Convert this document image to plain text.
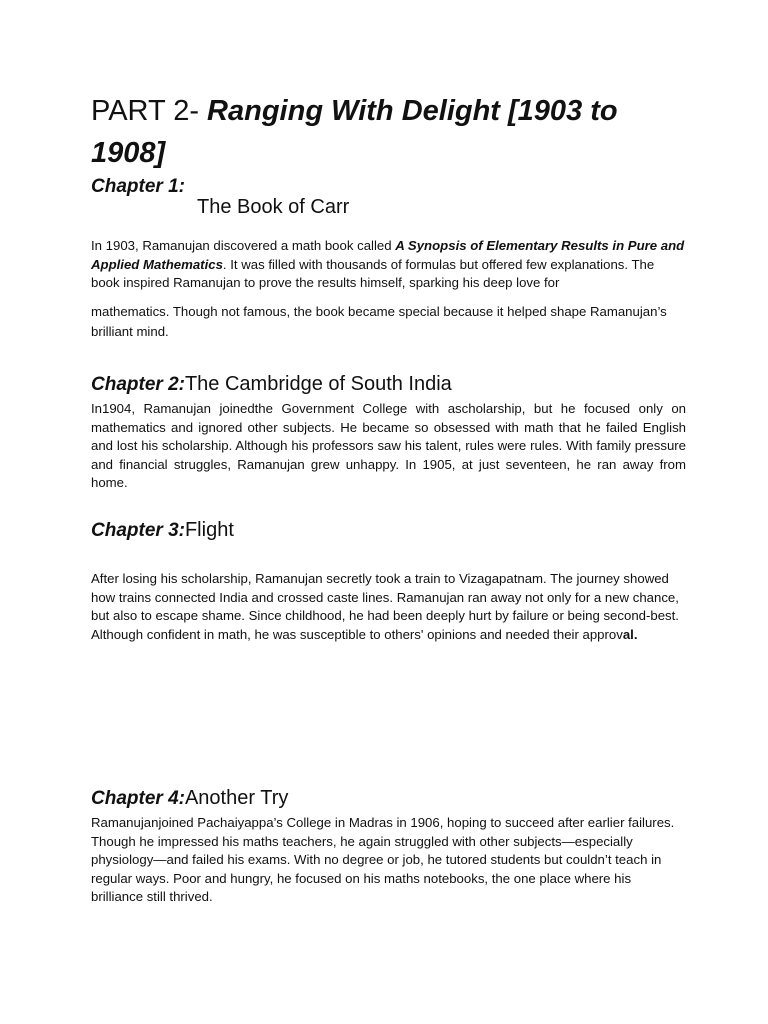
PART 2- Ranging With Delight [1903 to 1908]
Chapter 1:
The Book of Carr

In 1903, Ramanujan discovered a math book called A Synopsis of Elementary Results in Pure and Applied Mathematics. It was filled with thousands of formulas but offered few explanations. The book inspired Ramanujan to prove the results himself, sparking his deep love for

mathematics. Though not famous, the book became special because it helped shape Ramanujan’s brilliant mind.

Chapter 2:The Cambridge of South India

In1904, Ramanujan joinedthe Government College with ascholarship, but he focused only on mathematics and ignored other subjects. He became so obsessed with math that he failed English and lost his scholarship. Although his professors saw his talent, rules were rules. With family pressure and financial struggles, Ramanujan grew unhappy. In 1905, at just seventeen, he ran away from home.

Chapter 3:Flight

After losing his scholarship, Ramanujan secretly took a train to Vizagapatnam. The journey showed how trains connected India and crossed caste lines. Ramanujan ran away not only for a new chance, but also to escape shame. Since childhood, he had been deeply hurt by failure or being second-best. Although confident in math, he was susceptible to others' opinions and needed their approval.

Chapter 4:Another Try

Ramanujanjoined Pachaiyappa’s College in Madras in 1906, hoping to succeed after earlier failures. Though he impressed his maths teachers, he again struggled with other subjects—especially physiology—and failed his exams. With no degree or job, he tutored students but couldn’t teach in regular ways. Poor and hungry, he focused on his maths notebooks, the one place where his brilliance still thrived.
